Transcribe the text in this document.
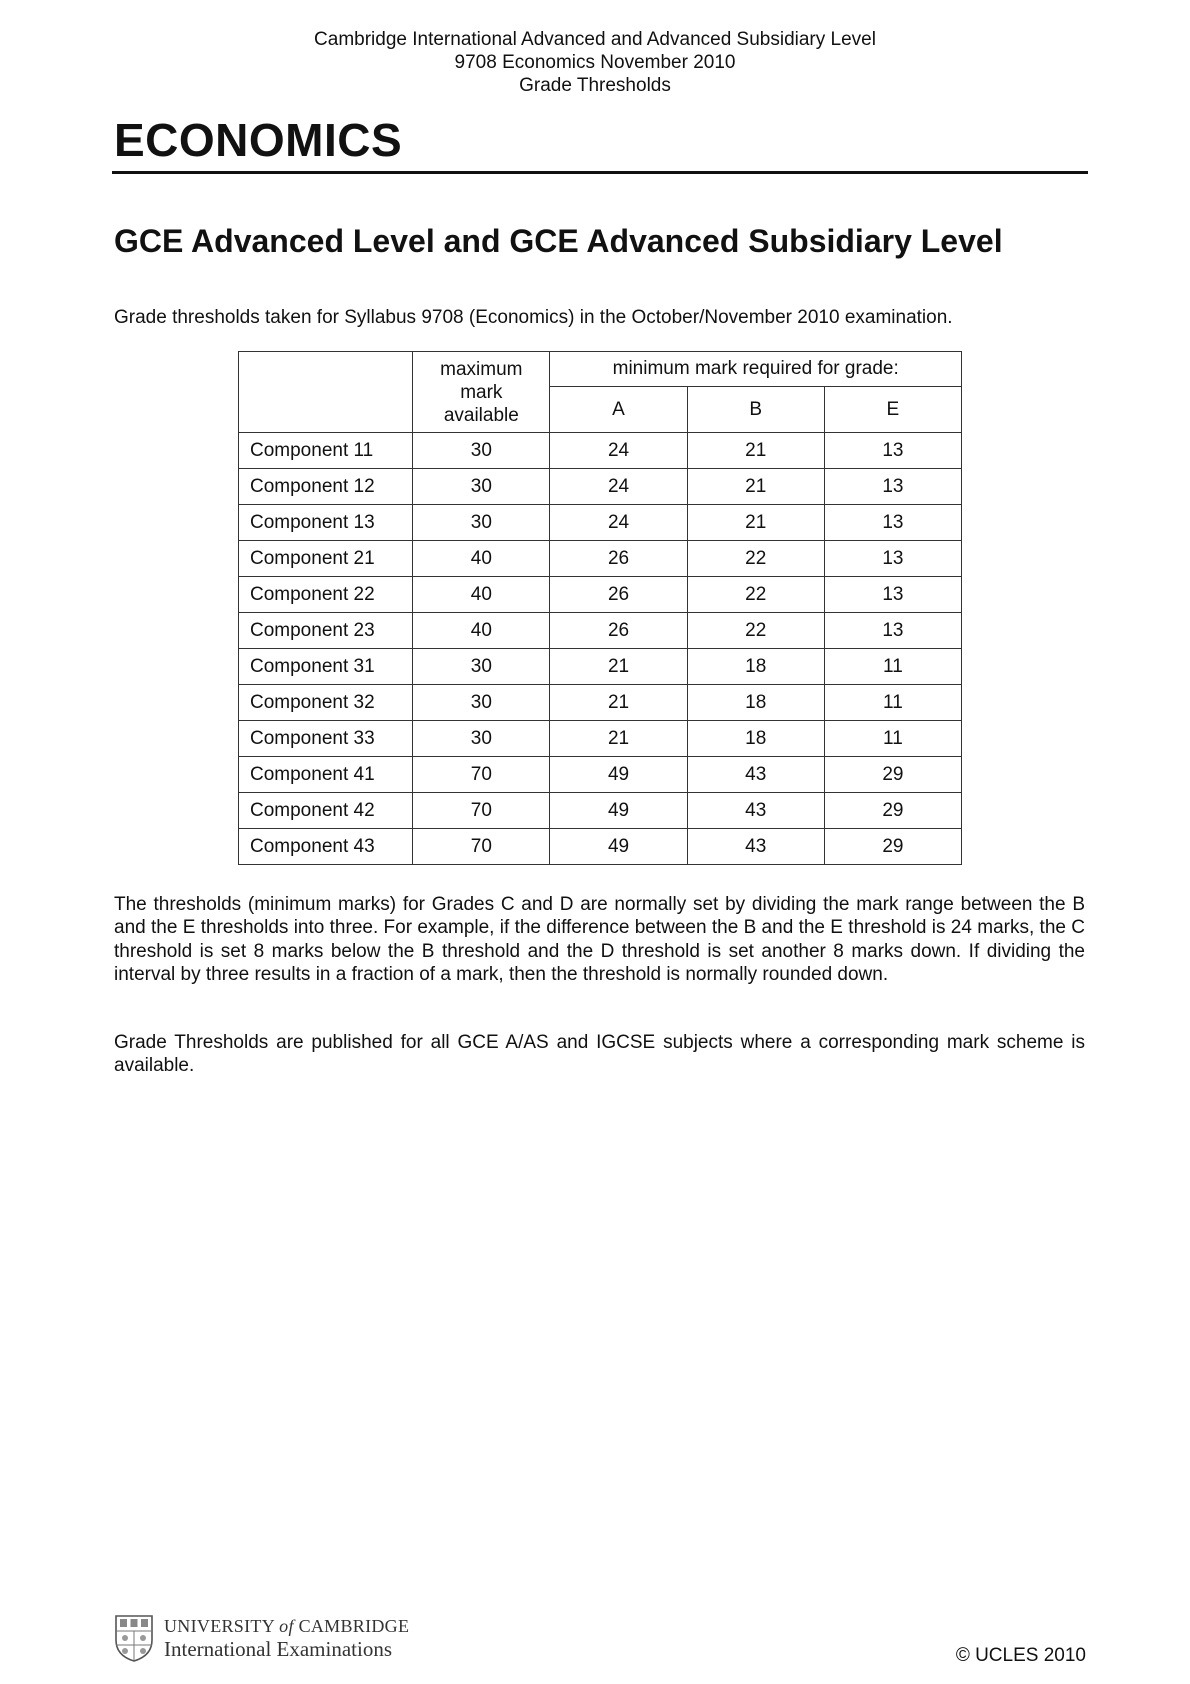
Cambridge International Advanced and Advanced Subsidiary Level
9708 Economics November 2010
Grade Thresholds
ECONOMICS
GCE Advanced Level and GCE Advanced Subsidiary Level

Grade thresholds taken for Syllabus 9708 (Economics) in the October/November 2010 examination.

	maximum
mark
available	minimum mark required for grade:		
		A	B	E
Component 11	30	24	21	13
Component 12	30	24	21	13
Component 13	30	24	21	13
Component 21	40	26	22	13
Component 22	40	26	22	13
Component 23	40	26	22	13
Component 31	30	21	18	11
Component 32	30	21	18	11
Component 33	30	21	18	11
Component 41	70	49	43	29
Component 42	70	49	43	29
Component 43	70	49	43	29

The thresholds (minimum marks) for Grades C and D are normally set by dividing the mark range between the B and the E thresholds into three. For example, if the difference between the B and the E threshold is 24 marks, the C threshold is set 8 marks below the B threshold and the D threshold is set another 8 marks down. If dividing the interval by three results in a fraction of a mark, then the threshold is normally rounded down.

Grade Thresholds are published for all GCE A/AS and IGCSE subjects where a corresponding mark scheme is available.

UNIVERSITY of CAMBRIDGE
International Examinations	© UCLES 2010
